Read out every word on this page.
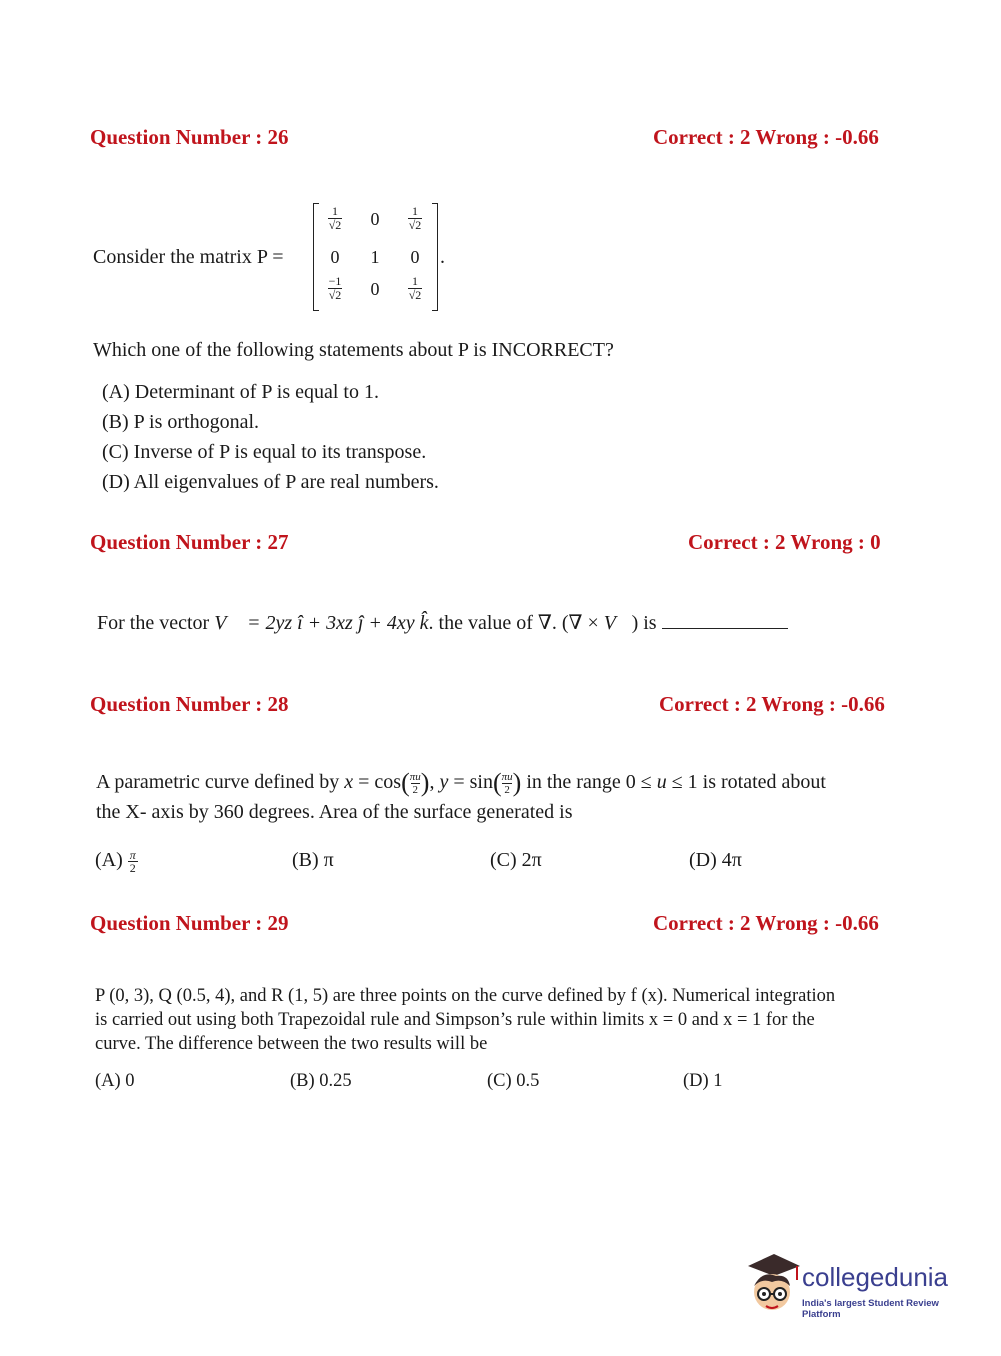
Question Number : 26	Correct : 2 Wrong : -0.66
Consider the matrix P =
$\frac{1}{√2}$	0	$\frac{1}{√2}$
0	1	0
$\frac{-1}{√2}$	0	$\frac{1}{√2}$
.
Which one of the following statements about P is INCORRECT?
(A) Determinant of P is equal to 1.
(B) P is orthogonal.
(C) Inverse of P is equal to its transpose.
(D) All eigenvalues of P are real numbers.
Question Number : 27	Correct : 2 Wrong : 0
For the vector V⃗ = 2yz î + 3xz ĵ + 4xy k̂. the value of ∇. (∇ × V⃗) is
Question Number : 28	Correct : 2 Wrong : -0.66
A parametric curve defined by $x = \cos( \frac{\pi u}{2}$ ), $y = \sin( \frac{\pi u}{2}$ ) in the range 0 ≤ u ≤ 1 is rotated about
the X- axis by 360 degrees. Area of the surface generated is
$(A) \frac{\pi}{2}$	(B) π	(C) 2π	(D) 4π
Question Number : 29	Correct : 2 Wrong : -0.66
P (0, 3), Q (0.5, 4), and R (1, 5) are three points on the curve defined by f (x). Numerical integration
is carried out using both Trapezoidal rule and Simpson’s rule within limits x = 0 and x = 1 for the
curve. The difference between the two results will be
(A) 0	(B) 0.25	(C) 0.5	(D) 1
collegedunia
India's largest Student Review Platform
